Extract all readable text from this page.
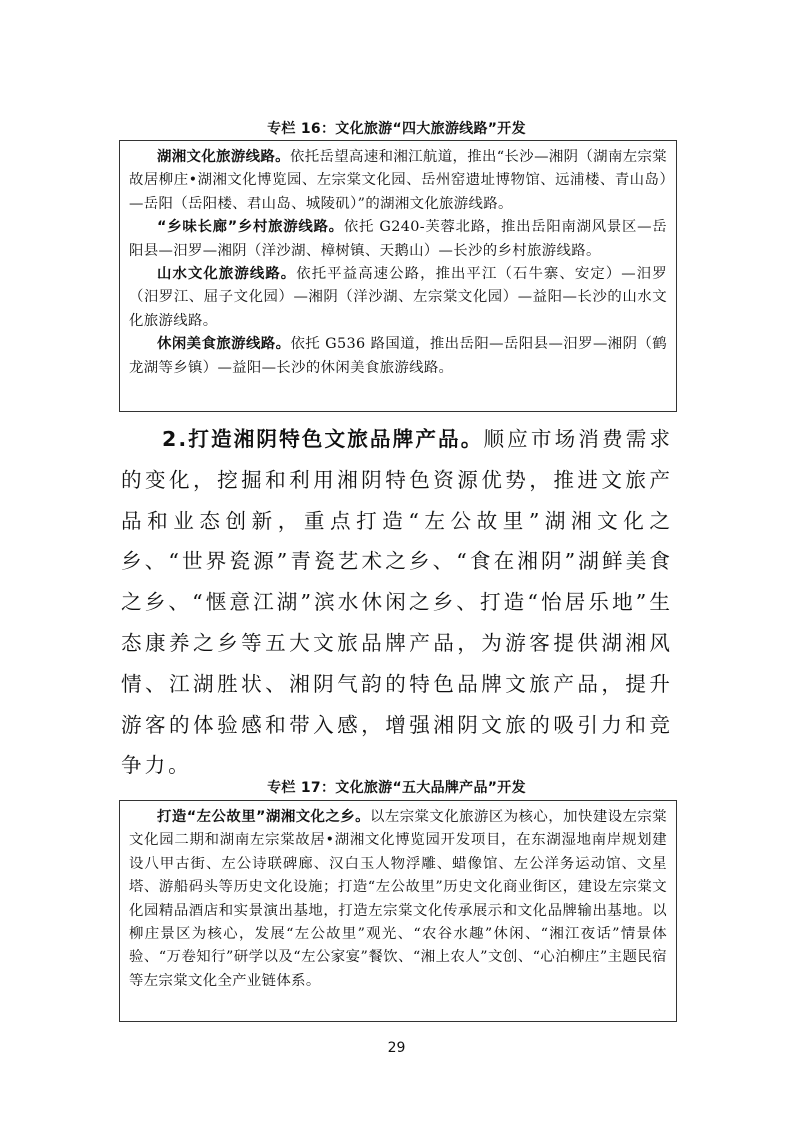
专栏 16：文化旅游“四大旅游线路”开发

湖湘文化旅游线路。依托岳望高速和湘江航道，推出“长沙—湘阴（湖南左宗棠故居柳庄•湖湘文化博览园、左宗棠文化园、岳州窑遗址博物馆、远浦楼、青山岛）—岳阳（岳阳楼、君山岛、城陵矶）”的湖湘文化旅游线路。

“乡味长廊”乡村旅游线路。依托 G240-芙蓉北路，推出岳阳南湖风景区—岳阳县—汨罗—湘阴（洋沙湖、樟树镇、天鹅山）—长沙的乡村旅游线路。

山水文化旅游线路。依托平益高速公路，推出平江（石牛寨、安定）—汨罗（汨罗江、屈子文化园）—湘阴（洋沙湖、左宗棠文化园）—益阳—长沙的山水文化旅游线路。

休闲美食旅游线路。依托 G536 路国道，推出岳阳—岳阳县—汨罗—湘阴（鹤龙湖等乡镇）—益阳—长沙的休闲美食旅游线路。

2.打造湘阴特色文旅品牌产品。顺应市场消费需求的变化，挖掘和利用湘阴特色资源优势，推进文旅产品和业态创新，重点打造“左公故里”湖湘文化之乡、“世界瓷源”青瓷艺术之乡、“食在湘阴”湖鲜美食之乡、“惬意江湖”滨水休闲之乡、打造“怡居乐地”生态康养之乡等五大文旅品牌产品，为游客提供湖湘风情、江湖胜状、湘阴气韵的特色品牌文旅产品，提升游客的体验感和带入感，增强湘阴文旅的吸引力和竞争力。

专栏 17：文化旅游“五大品牌产品”开发

打造“左公故里”湖湘文化之乡。以左宗棠文化旅游区为核心，加快建设左宗棠文化园二期和湖南左宗棠故居•湖湘文化博览园开发项目，在东湖湿地南岸规划建设八甲古街、左公诗联碑廊、汉白玉人物浮雕、蜡像馆、左公洋务运动馆、文星塔、游船码头等历史文化设施；打造“左公故里”历史文化商业街区，建设左宗棠文化园精品酒店和实景演出基地，打造左宗棠文化传承展示和文化品牌输出基地。以柳庄景区为核心，发展“左公故里”观光、“农谷水趣”休闲、“湘江夜话”情景体验、“万卷知行”研学以及“左公家宴”餐饮、“湘上农人”文创、“心泊柳庄”主题民宿等左宗棠文化全产业链体系。

29
